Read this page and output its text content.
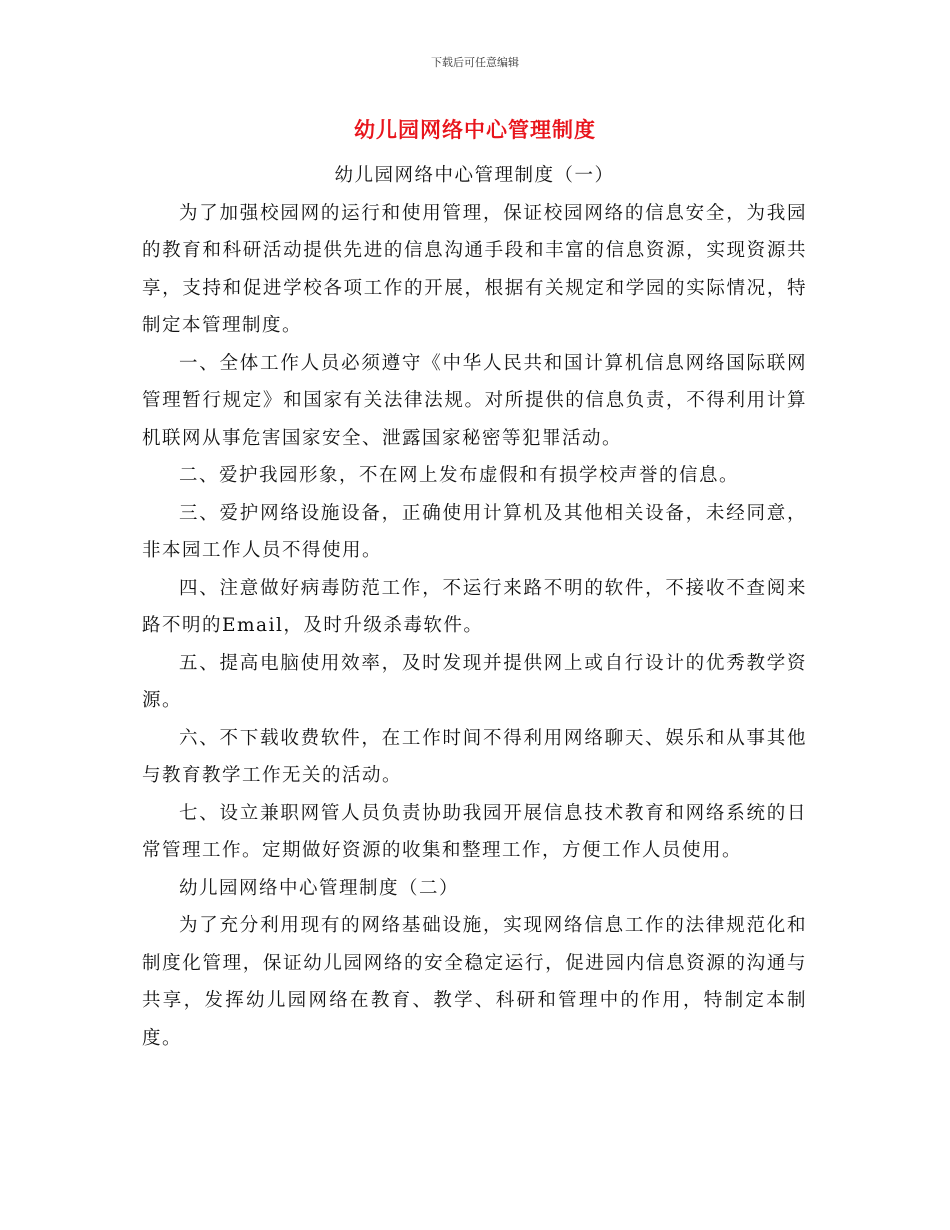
下载后可任意编辑
幼儿园网络中心管理制度

幼儿园网络中心管理制度（一）

为了加强校园网的运行和使用管理，保证校园网络的信息安全，为我园的教育和科研活动提供先进的信息沟通手段和丰富的信息资源，实现资源共享，支持和促进学校各项工作的开展，根据有关规定和学园的实际情况，特制定本管理制度。

一、全体工作人员必须遵守《中华人民共和国计算机信息网络国际联网管理暂行规定》和国家有关法律法规。对所提供的信息负责，不得利用计算机联网从事危害国家安全、泄露国家秘密等犯罪活动。

二、爱护我园形象，不在网上发布虚假和有损学校声誉的信息。

三、爱护网络设施设备，正确使用计算机及其他相关设备，未经同意，非本园工作人员不得使用。

四、注意做好病毒防范工作，不运行来路不明的软件，不接收不查阅来路不明的Email，及时升级杀毒软件。

五、提高电脑使用效率，及时发现并提供网上或自行设计的优秀教学资源。

六、不下载收费软件，在工作时间不得利用网络聊天、娱乐和从事其他与教育教学工作无关的活动。

七、设立兼职网管人员负责协助我园开展信息技术教育和网络系统的日常管理工作。定期做好资源的收集和整理工作，方便工作人员使用。

幼儿园网络中心管理制度（二）

为了充分利用现有的网络基础设施，实现网络信息工作的法律规范化和制度化管理，保证幼儿园网络的安全稳定运行，促进园内信息资源的沟通与共享，发挥幼儿园网络在教育、教学、科研和管理中的作用，特制定本制度。
